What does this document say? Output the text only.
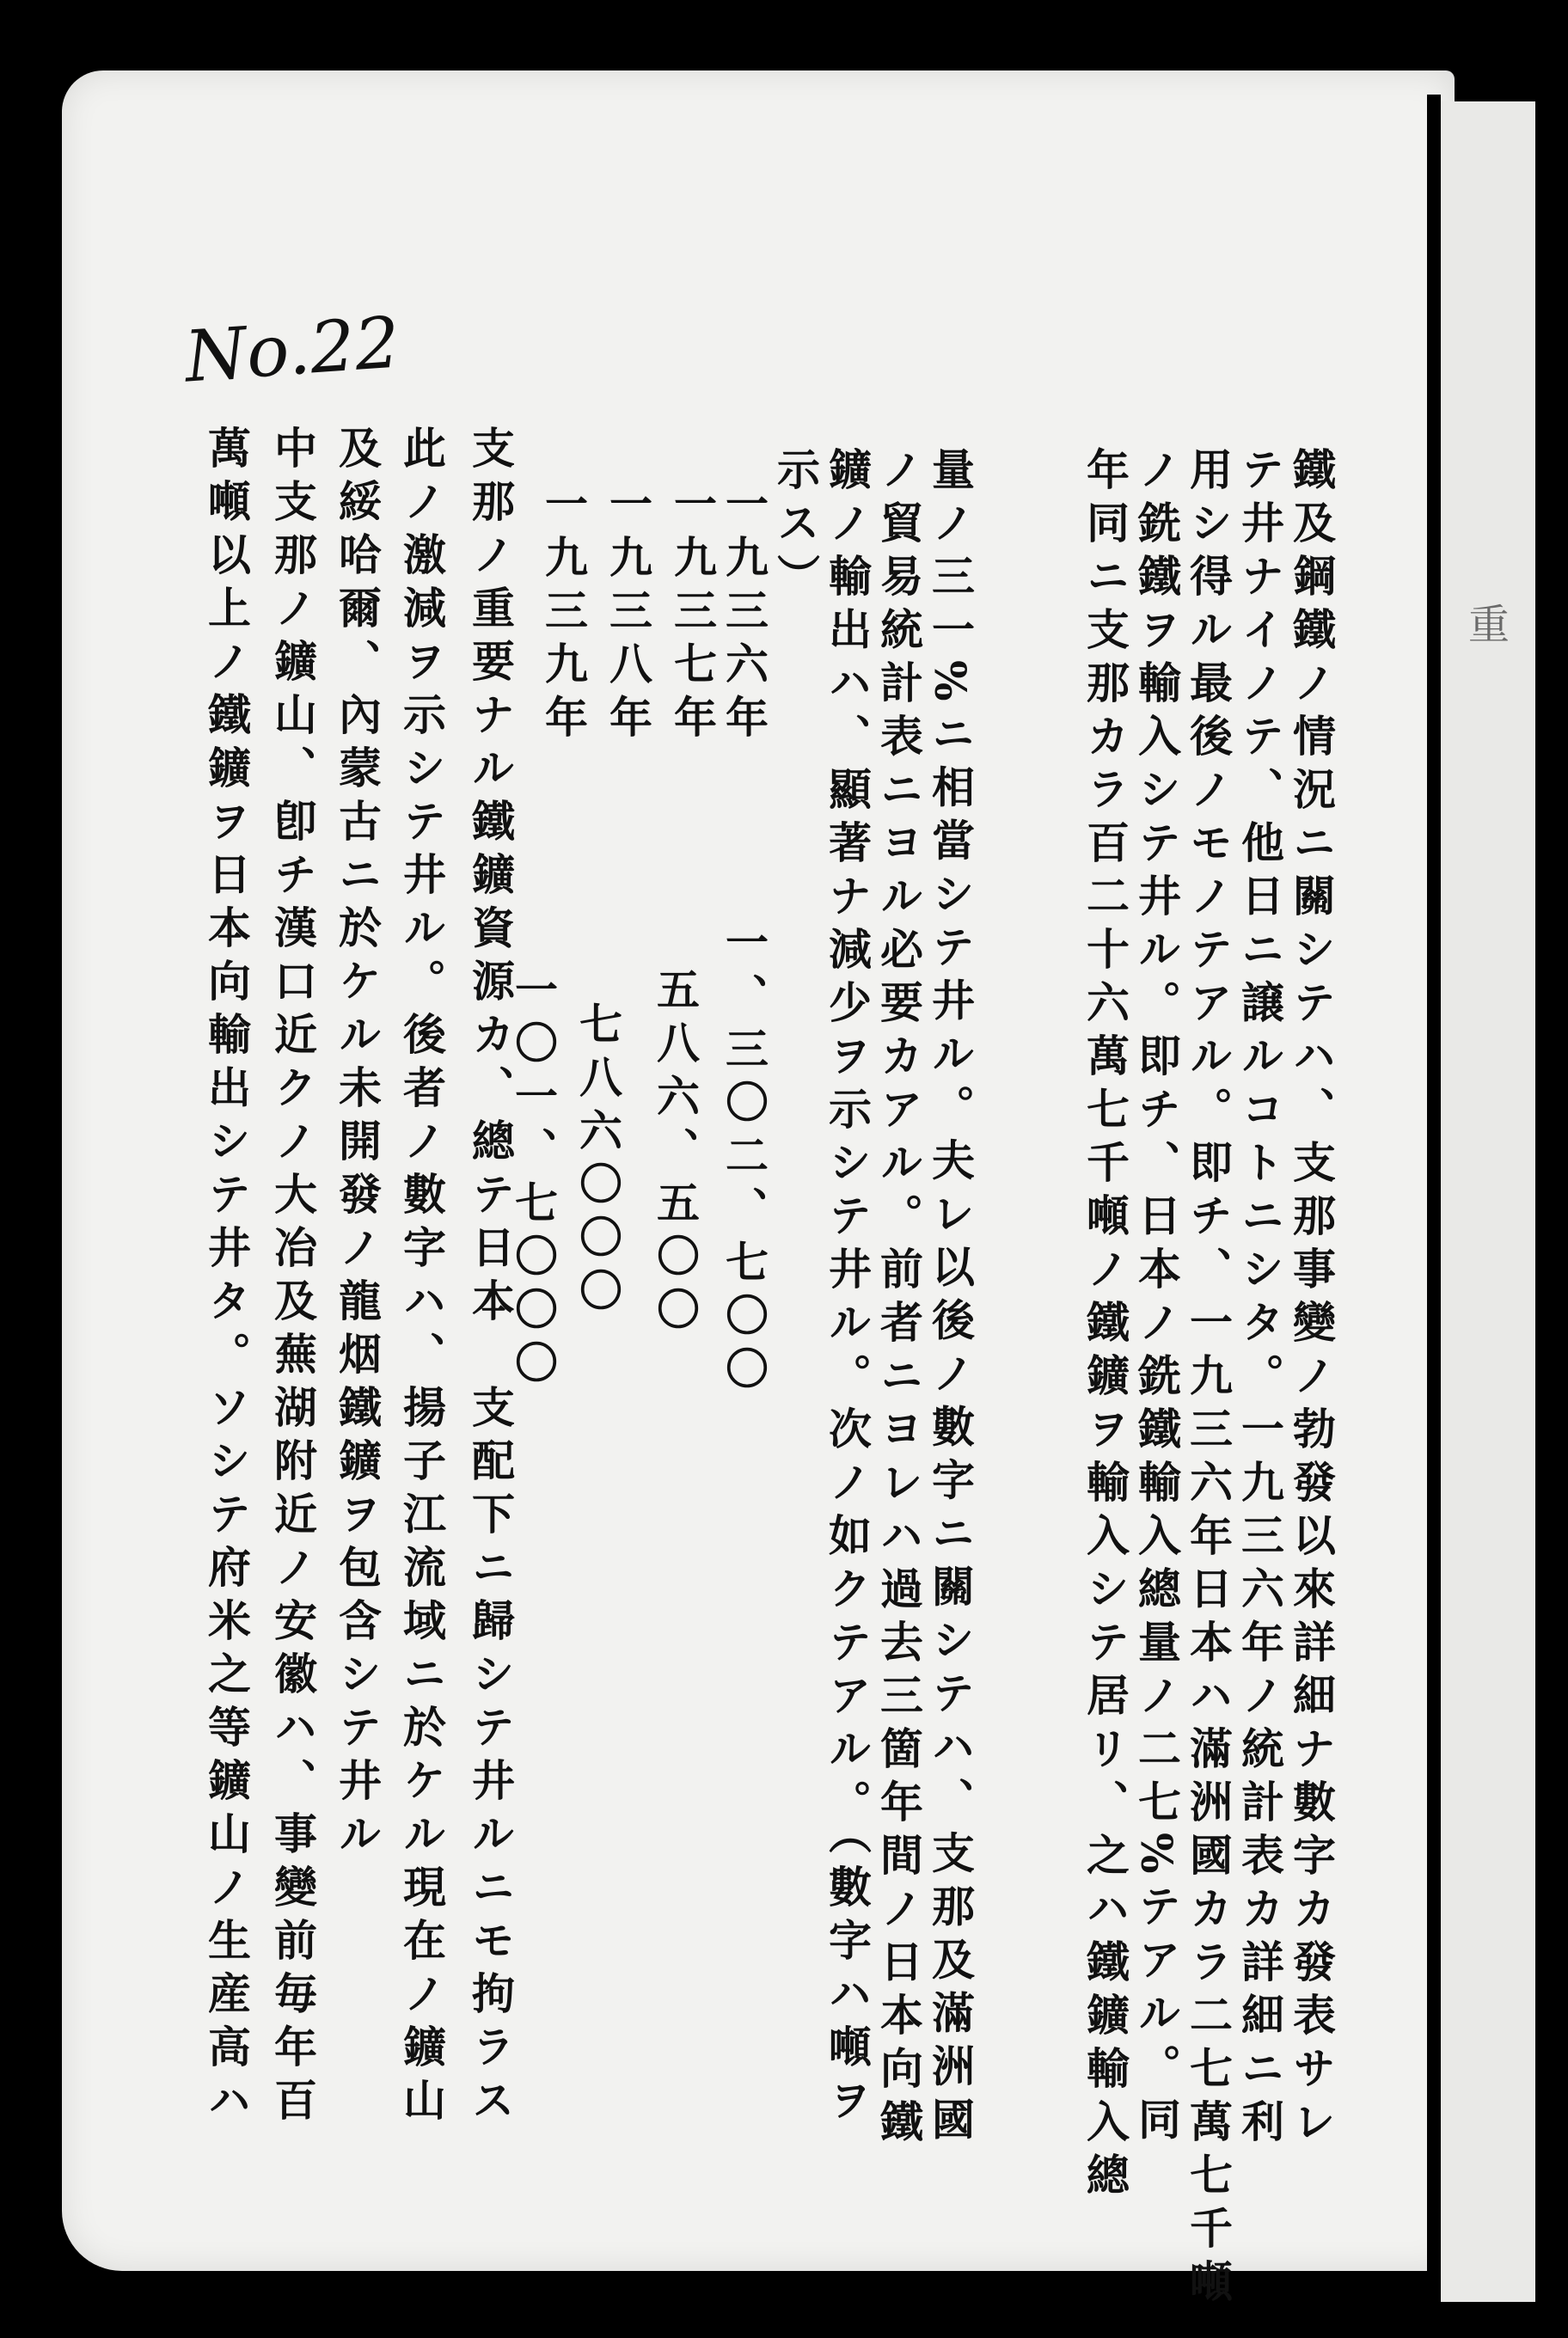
重
No.22
鐵及鋼鐵ノ情況ニ關シテハ、支那事變ノ勃發以來詳細ナ數字カ發表サレ
テ井ナイノテ、他日ニ譲ルコトニシタ。一九三六年ノ統計表カ詳細ニ利
用シ得ル最後ノモノテアル。即チ、一九三六年日本ハ滿洲國カラ二七萬七千噸
ノ銑鐵ヲ輸入シテ井ル。即チ、日本ノ銑鐵輸入總量ノ二七%テアル。同
年同ニ支那カラ百二十六萬七千噸ノ鐵鑛ヲ輸入シテ居リ、之ハ鐵鑛輸入總
量ノ三一%ニ相當シテ井ル。夫レ以後ノ數字ニ關シテハ、支那及滿洲國
ノ貿易統計表ニヨル必要カアル。前者ニヨレハ過去三箇年間ノ日本向鐵
鑛ノ輸出ハ、顯著ナ減少ヲ示シテ井ル。次ノ如クテアル。（數字ハ噸ヲ
示ス）
一九三六年
一、三〇二、七〇〇
一九三七年
五八六、五〇〇
一九三八年
七八六〇〇〇
一九三九年
一〇一、七〇〇〇
支那ノ重要ナル鐵鑛資源カ、總テ日本　支配下ニ歸シテ井ルニモ拘ラス
此ノ激減ヲ示シテ井ル。後者ノ數字ハ、揚子江流域ニ於ケル現在ノ鑛山
及綏哈爾、內蒙古ニ於ケル未開發ノ龍烟鐵鑛ヲ包含シテ井ル
中支那ノ鑛山、卽チ漢口近クノ大冶及蕪湖附近ノ安徽ハ、事變前毎年百
萬噸以上ノ鐵鑛ヲ日本向輸出シテ井タ。ソシテ府米之等鑛山ノ生産高ハ
